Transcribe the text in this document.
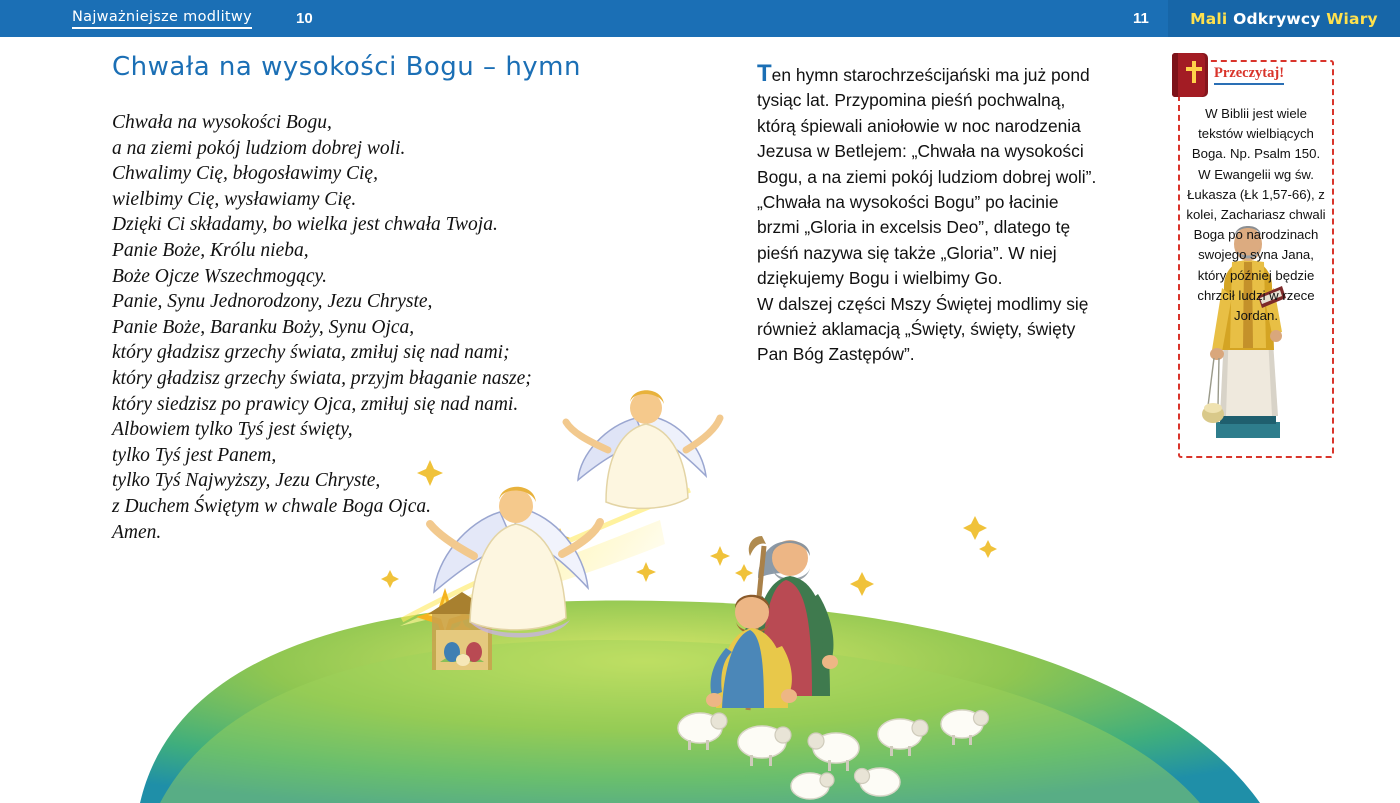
Najważniejsze modlitwy	10	11	Mali Odkrywcy Wiary
Chwała na wysokości Bogu – hymn
Chwała na wysokości Bogu,
a na ziemi pokój ludziom dobrej woli.
Chwalimy Cię, błogosławimy Cię,
wielbimy Cię, wysławiamy Cię.
Dzięki Ci składamy, bo wielka jest chwała Twoja.
Panie Boże, Królu nieba,
Boże Ojcze Wszechmogący.
Panie, Synu Jednorodzony, Jezu Chryste,
Panie Boże, Baranku Boży, Synu Ojca,
który gładzisz grzechy świata, zmiłuj się nad nami;
który gładzisz grzechy świata, przyjm błaganie nasze;
który siedzisz po prawicy Ojca, zmiłuj się nad nami.
Albowiem tylko Tyś jest święty,
tylko Tyś jest Panem,
tylko Tyś Najwyższy, Jezu Chryste,
z Duchem Świętym w chwale Boga Ojca.
Amen.

Ten hymn starochrześcijański ma już pond tysiąc lat. Przypomina pieśń pochwalną, którą śpiewali aniołowie w noc narodzenia Jezusa w Betlejem: „Chwała na wysokości Bogu, a na ziemi pokój ludziom dobrej woli”.

„Chwała na wysokości Bogu” po łacinie brzmi „Gloria in excelsis Deo”, dlatego tę pieśń nazywa się także „Gloria”. W niej dziękujemy Bogu i wielbimy Go.

W dalszej części Mszy Świętej modlimy się również aklamacją „Święty, święty, święty Pan Bóg Zastępów”.

Przeczytaj!
W Biblii jest wiele tekstów wielbiących Boga. Np. Psalm 150. W Ewangelii wg św. Łukasza (Łk 1,57-66), z kolei, Zachariasz chwali Boga po narodzinach swojego syna Jana, który później będzie chrzcił ludzi w rzece Jordan.
